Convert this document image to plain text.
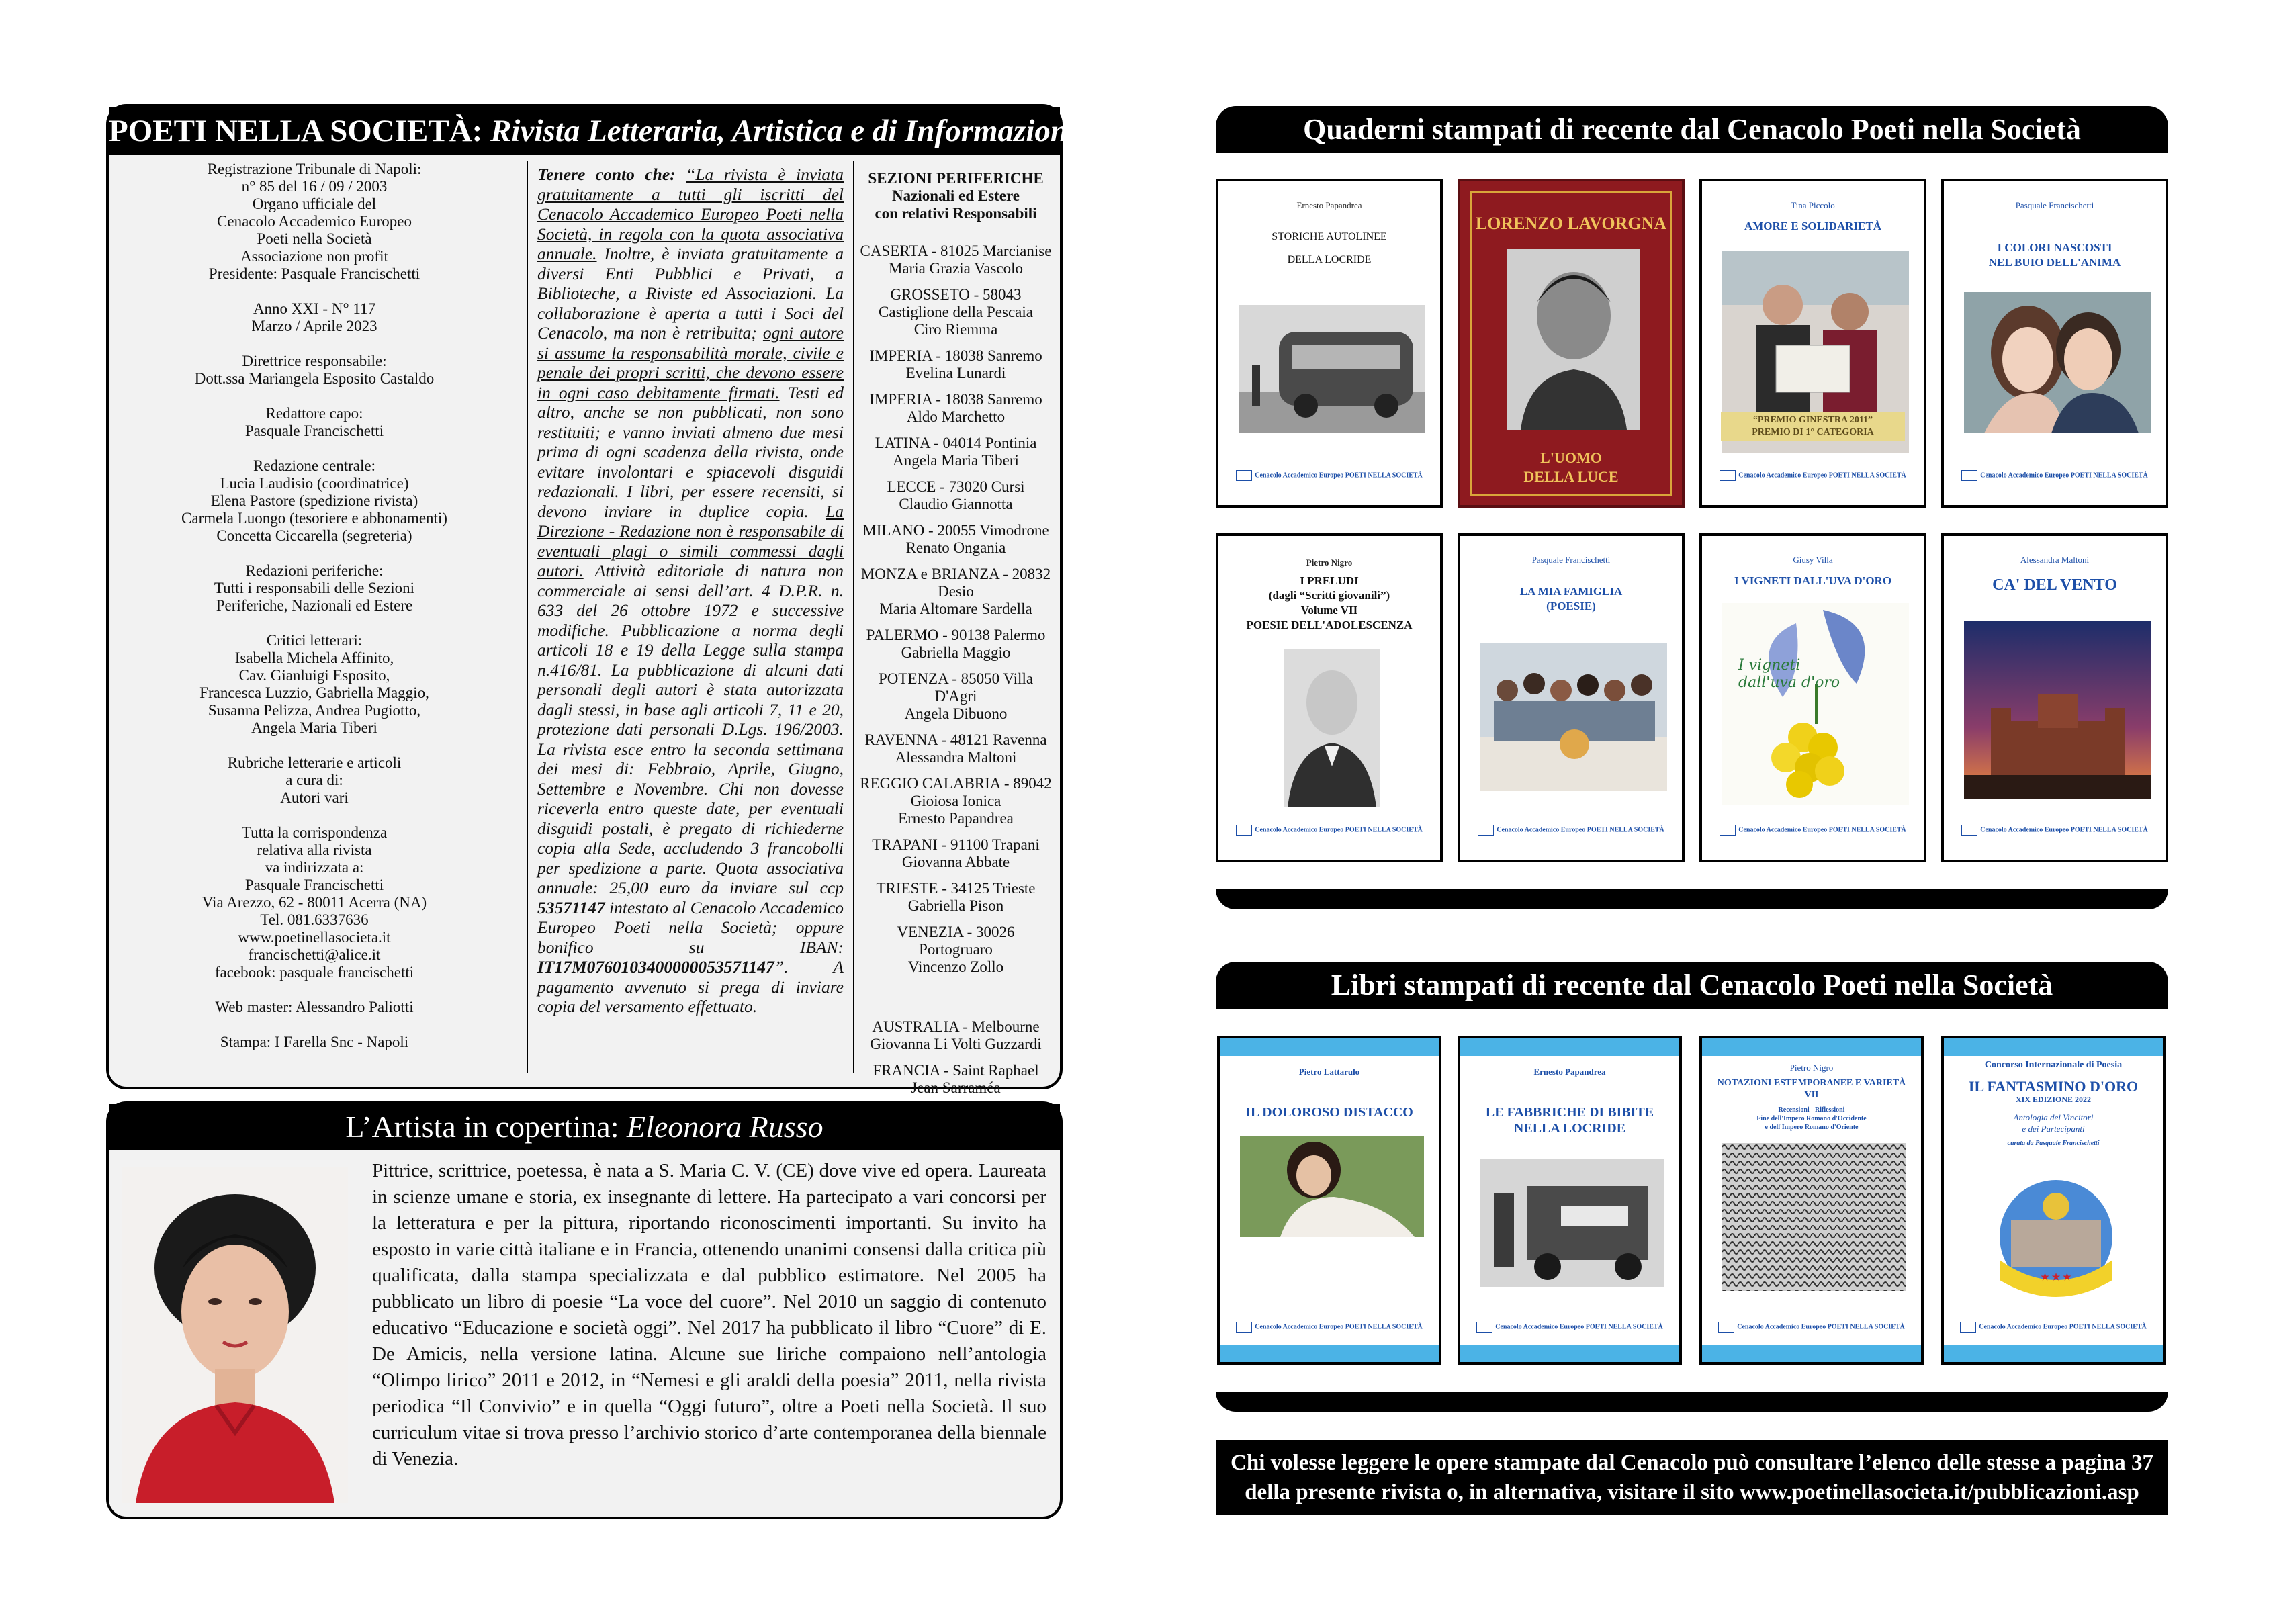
POETI NELLA SOCIETÀ: Rivista Letteraria, Artistica e di Informazione

Registrazione Tribunale di Napoli:
n° 85 del 16 / 09 / 2003
Organo ufficiale del
Cenacolo Accademico Europeo
Poeti nella Società
Associazione non profit
Presidente: Pasquale Francischetti

Anno XXI - N° 117
Marzo / Aprile 2023

Direttrice responsabile:
Dott.ssa Mariangela Esposito Castaldo

Redattore capo:
Pasquale Francischetti

Redazione centrale:
Lucia Laudisio (coordinatrice)
Elena Pastore (spedizione rivista)
Carmela Luongo (tesoriere e abbonamenti)
Concetta Ciccarella (segreteria)

Redazioni periferiche:
Tutti i responsabili delle Sezioni
Periferiche, Nazionali ed Estere

Critici letterari:
Isabella Michela Affinito,
Cav. Gianluigi Esposito,
Francesca Luzzio, Gabriella Maggio,
Susanna Pelizza, Andrea Pugiotto,
Angela Maria Tiberi

Rubriche letterarie e articoli
a cura di:
Autori vari

Tutta la corrispondenza
relativa alla rivista
va indirizzata a:
Pasquale Francischetti
Via Arezzo, 62 - 80011 Acerra (NA)
Tel. 081.6337636
www.poetinellasocieta.it
francischetti@alice.it
facebook: pasquale francischetti

Web master: Alessandro Paliotti

Stampa: I Farella Snc - Napoli

Tenere conto che: “La rivista è inviata gratuitamente a tutti gli iscritti del Cenacolo Accademico Europeo Poeti nella Società, in regola con la quota associativa annuale. Inoltre, è inviata gratuitamente a diversi Enti Pubblici e Privati, a Biblioteche, a Riviste ed Associazioni. La collaborazione è aperta a tutti i Soci del Cenacolo, ma non è retribuita; ogni autore si assume la responsabilità morale, civile e penale dei propri scritti, che devono essere in ogni caso debitamente firmati. Testi ed altro, anche se non pubblicati, non sono restituiti; e vanno inviati almeno due mesi prima di ogni scadenza della rivista, onde evitare involontari e spiacevoli disguidi redazionali. I libri, per essere recensiti, si devono inviare in duplice copia. La Direzione - Redazione non è responsabile di eventuali plagi o simili commessi dagli autori. Attività editoriale di natura non commerciale ai sensi dell’art. 4 D.P.R. n. 633 del 26 ottobre 1972 e successive modifiche. Pubblicazione a norma degli articoli 18 e 19 della Legge sulla stampa n.416/81. La pubblicazione di alcuni dati personali degli autori è stata autorizzata dagli stessi, in base agli articoli 7, 11 e 20, protezione dati personali D.Lgs. 196/2003. La rivista esce entro la seconda settimana dei mesi di: Febbraio, Aprile, Giugno, Settembre e Novembre. Chi non dovesse riceverla entro queste date, per eventuali disguidi postali, è pregato di richiederne copia alla Sede, accludendo 3 francobolli per spedizione a parte. Quota associativa annuale: 25,00 euro da inviare sul ccp 53571147 intestato al Cenacolo Accademico Europeo Poeti nella Società; oppure bonifico su IBAN: IT17M0760103400000053571147”. A pagamento avvenuto si prega di inviare copia del versamento effettuato.

SEZIONI PERIFERICHE
Nazionali ed Estere
con relativi Responsabili

CASERTA - 81025 Marcianise
Maria Grazia Vascolo

GROSSETO - 58043 Castiglione della Pescaia
Ciro Riemma

IMPERIA - 18038 Sanremo
Evelina Lunardi

IMPERIA - 18038 Sanremo
Aldo Marchetto

LATINA - 04014 Pontinia
Angela Maria Tiberi

LECCE - 73020 Cursi
Claudio Giannotta

MILANO - 20055 Vimodrone
Renato Ongania

MONZA e BRIANZA - 20832 Desio
Maria Altomare Sardella

PALERMO - 90138 Palermo
Gabriella Maggio

POTENZA - 85050 Villa D'Agri
Angela Dibuono

RAVENNA - 48121 Ravenna
Alessandra Maltoni

REGGIO CALABRIA - 89042 Gioiosa Ionica
Ernesto Papandrea

TRAPANI - 91100 Trapani
Giovanna Abbate

TRIESTE - 34125 Trieste
Gabriella Pison

VENEZIA - 30026 Portogruaro
Vincenzo Zollo

AUSTRALIA - Melbourne
Giovanna Li Volti Guzzardi

FRANCIA - Saint Raphael
Jean Sarraméa

L’Artista in copertina: Eleonora Russo
Pittrice, scrittrice, poetessa, è nata a S. Maria C. V. (CE) dove vive ed opera. Laureata in scienze umane e storia, ex insegnante di lettere. Ha partecipato a vari concorsi per la letteratura e per la pittura, riportando riconoscimenti importanti. Su invito ha esposto in varie città italiane e in Francia, ottenendo unanimi consensi dalla critica più qualificata, dalla stampa specializzata e dal pubblico estimatore. Nel 2005 ha pubblicato un libro di poesie “La voce del cuore”. Nel 2010 un saggio di contenuto educativo “Educazione e società oggi”. Nel 2017 ha pubblicato il libro “Cuore” di E. De Amicis, nella versione latina. Alcune sue liriche compaiono nell’antologia “Olimpo lirico” 2011 e 2012, in “Nemesi e gli araldi della poesia” 2011, nella rivista periodica “Il Convivio” e in quella “Oggi futuro”, oltre a Poeti nella Società. Il suo curriculum vitae si trova presso l’archivio storico d’arte contemporanea della biennale di Venezia.
Quaderni stampati di recente dal Cenacolo Poeti nella Società
Ernesto Papandrea
STORICHE AUTOLINEE
DELLA LOCRIDE
Cenacolo Accademico Europeo POETI NELLA SOCIETÀ
LORENZO LAVORGNA
L'UOMO
DELLA LUCE
Tina Piccolo
AMORE E SOLIDARIETÀ
“PREMIO GINESTRA 2011”
PREMIO DI 1° CATEGORIA
Cenacolo Accademico Europeo POETI NELLA SOCIETÀ
Pasquale Francischetti
I COLORI NASCOSTI
NEL BUIO DELL'ANIMA
Cenacolo Accademico Europeo POETI NELLA SOCIETÀ
Pietro Nigro
I PRELUDI
(dagli “Scritti giovanili”)
Volume VII
POESIE DELL'ADOLESCENZA
Cenacolo Accademico Europeo POETI NELLA SOCIETÀ
Pasquale Francischetti
LA MIA FAMIGLIA
(POESIE)
Cenacolo Accademico Europeo POETI NELLA SOCIETÀ
Giusy Villa
I VIGNETI DALL'UVA D'ORO
I vigneti
dall'uva d'oro
Cenacolo Accademico Europeo POETI NELLA SOCIETÀ
Alessandra Maltoni
CA' DEL VENTO
Cenacolo Accademico Europeo POETI NELLA SOCIETÀ
Libri stampati di recente dal Cenacolo Poeti nella Società
Pietro Lattarulo
IL DOLOROSO DISTACCO
Cenacolo Accademico Europeo POETI NELLA SOCIETÀ
Ernesto Papandrea
LE FABBRICHE DI BIBITE
NELLA LOCRIDE
Cenacolo Accademico Europeo POETI NELLA SOCIETÀ
Pietro Nigro
NOTAZIONI ESTEMPORANEE E VARIETÀ
VII
Recensioni - Riflessioni
Fine dell'Impero Romano d'Occidente
e dell'Impero Romano d'Oriente
Cenacolo Accademico Europeo POETI NELLA SOCIETÀ
Concorso Internazionale di Poesia
IL FANTASMINO D'ORO
XIX EDIZIONE 2022
Antologia dei Vincitori
e dei Partecipanti
curata da Pasquale Francischetti
★ ★ ★
Cenacolo Accademico Europeo POETI NELLA SOCIETÀ
Chi volesse leggere le opere stampate dal Cenacolo può consultare l’elenco delle stesse a pagina 37
della presente rivista o, in alternativa, visitare il sito www.poetinellasocieta.it/pubblicazioni.asp
